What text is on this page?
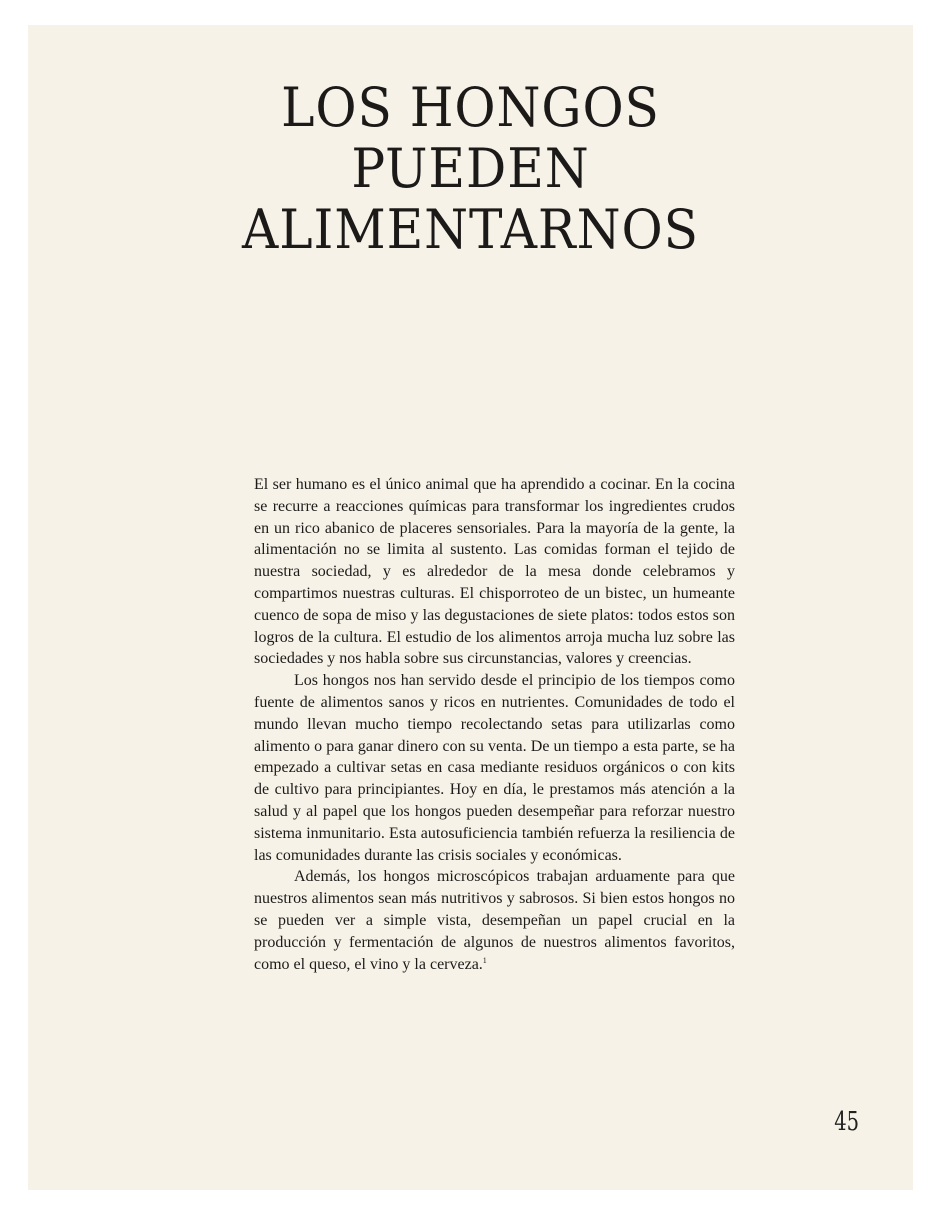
LOS HONGOS
PUEDEN
ALIMENTARNOS

El ser humano es el único animal que ha aprendido a cocinar. En la cocina se recurre a reacciones químicas para transformar los ingredientes crudos en un rico abanico de placeres sensoriales. Para la mayoría de la gente, la alimentación no se limita al sustento. Las comidas forman el tejido de nuestra sociedad, y es alrededor de la mesa donde celebramos y compartimos nuestras culturas. El chisporroteo de un bistec, un humeante cuenco de sopa de miso y las degustaciones de siete platos: todos estos son logros de la cultura. El estudio de los alimentos arroja mucha luz sobre las sociedades y nos habla sobre sus circunstancias, valores y creencias.

Los hongos nos han servido desde el principio de los tiempos como fuente de alimentos sanos y ricos en nutrientes. Comunidades de todo el mundo llevan mucho tiempo recolectando setas para utilizarlas como alimento o para ganar dinero con su venta. De un tiempo a esta parte, se ha empezado a cultivar setas en casa mediante residuos orgánicos o con kits de cultivo para principiantes. Hoy en día, le prestamos más atención a la salud y al papel que los hongos pueden desempeñar para reforzar nuestro sistema inmunitario. Esta autosuficiencia también refuerza la resiliencia de las comunidades durante las crisis sociales y económicas.

Además, los hongos microscópicos trabajan arduamente para que nuestros alimentos sean más nutritivos y sabrosos. Si bien estos hongos no se pueden ver a simple vista, desempeñan un papel crucial en la producción y fermentación de algunos de nuestros alimentos favoritos, como el queso, el vino y la cerveza.$^1$

45
